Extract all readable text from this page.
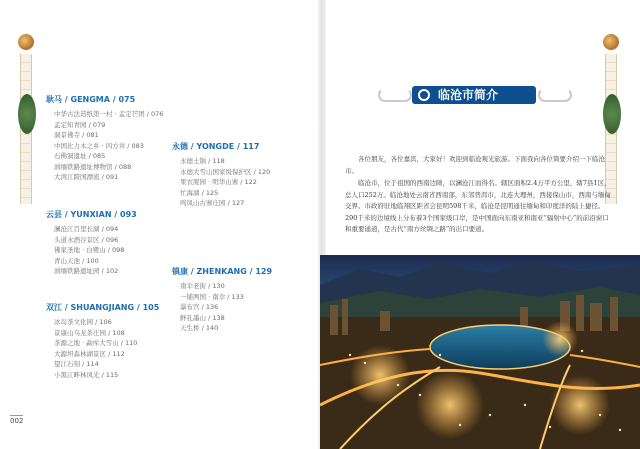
耿马 / GENGMA / 075
中华古法造纸第一村 · 孟定芒团 / 076
孟定知青园 / 079
洞景佛寺 / 081
中国比力木之乡 · 四方井 / 083
石佛洞遗址 / 085
滇缅铁路遗址博物馆 / 088
大湾江跨国漂流 / 091
云县 / YUNXIAN / 093
澜沧江百里长湖 / 094
头道水酒谷景区 / 096
佛家圣地 · 白鹭山 / 098
青山天池 / 100
滇缅铁路遗址园 / 102
双江 / SHUANGJIANG / 105
冰岛茶文化园 / 106
景康山乌龙茶庄园 / 108
茶源之地 · 勐库大雪山 / 110
大源坦森林湖景区 / 112
望江石刻 / 114
小黑江畔林风光 / 115
永德 / YONGDE / 117
永德土锅 / 118
永德大雪山国家级保护区 / 120
果衣厦园 · 明华山寨 / 122
忙海湖 / 125
鸣凤山古寨庄园 / 127
镇康 / ZHENKANG / 129
南伞老街 / 130
一铺两国 · 南伞 / 133
瀑布宫 / 136
鲜孔墨山 / 138
天生桥 / 140
002
临沧市简介

各位朋友，各位嘉宾，大家好！欢迎到临沧观光旅游。下面我向各位简要介绍一下临沧市。

临沧市，位于祖国的西南边陲，以澜沧江而得名。辖区面积2.4万平方公里，辖7县1区，总人口252万。临沧地处云南省西南部，东邻普洱市，北连大理州，西接保山市，西南与缅甸交界。市政府驻地临翔区距省会昆明598千米，临沧是昆明通往缅甸和印度洋的陆上捷径。290千米的边境线上分布着3个国家级口岸，是中国面向东南亚和南亚“辐射中心”的前沿窗口和重要通道，是古代“南方丝绸之路”的出口要道。
